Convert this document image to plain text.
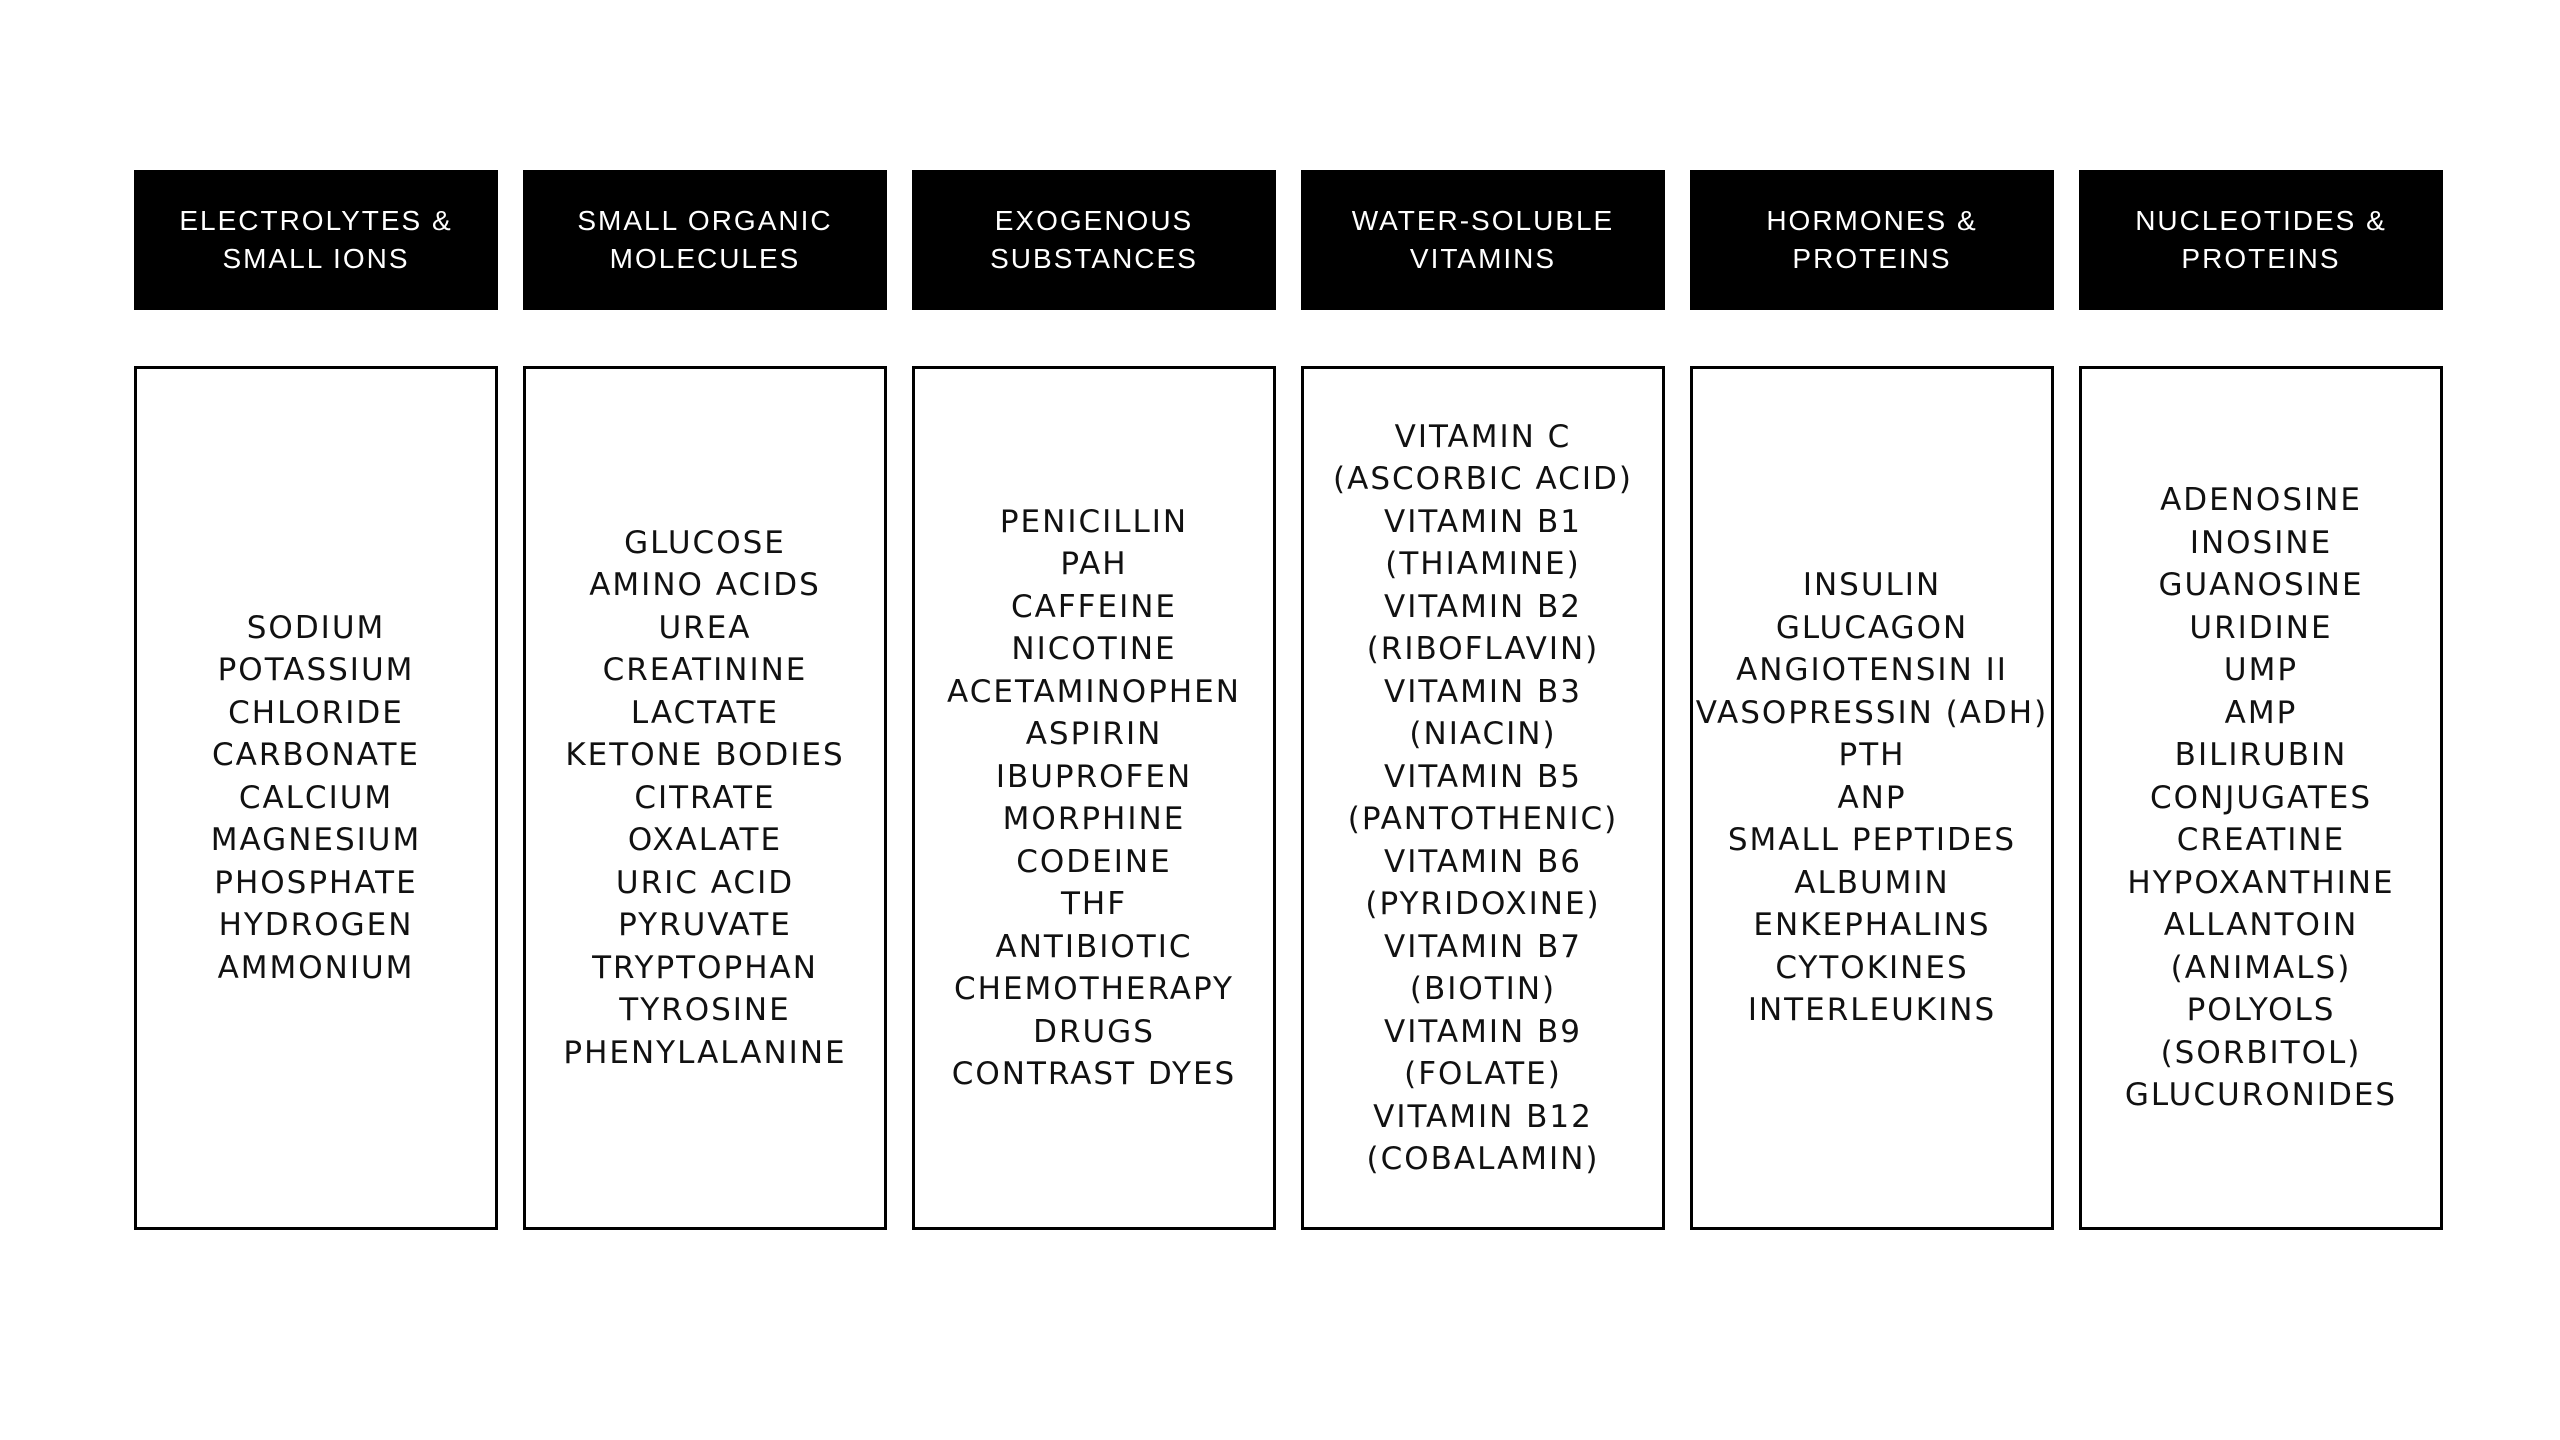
ELECTROLYTES &
SMALL IONS
SODIUM
POTASSIUM
CHLORIDE
CARBONATE
CALCIUM
MAGNESIUM
PHOSPHATE
HYDROGEN
AMMONIUM
SMALL ORGANIC
MOLECULES
GLUCOSE
AMINO ACIDS
UREA
CREATININE
LACTATE
KETONE BODIES
CITRATE
OXALATE
URIC ACID
PYRUVATE
TRYPTOPHAN
TYROSINE
PHENYLALANINE
EXOGENOUS
SUBSTANCES
PENICILLIN
PAH
CAFFEINE
NICOTINE
ACETAMINOPHEN
ASPIRIN
IBUPROFEN
MORPHINE
CODEINE
THF
ANTIBIOTIC
CHEMOTHERAPY
DRUGS
CONTRAST DYES
WATER-SOLUBLE
VITAMINS
VITAMIN C
(ASCORBIC ACID)
VITAMIN B1
(THIAMINE)
VITAMIN B2
(RIBOFLAVIN)
VITAMIN B3
(NIACIN)
VITAMIN B5
(PANTOTHENIC)
VITAMIN B6
(PYRIDOXINE)
VITAMIN B7
(BIOTIN)
VITAMIN B9
(FOLATE)
VITAMIN B12
(COBALAMIN)
HORMONES &
PROTEINS
INSULIN
GLUCAGON
ANGIOTENSIN II
VASOPRESSIN (ADH)
PTH
ANP
SMALL PEPTIDES
ALBUMIN
ENKEPHALINS
CYTOKINES
INTERLEUKINS
NUCLEOTIDES &
PROTEINS
ADENOSINE
INOSINE
GUANOSINE
URIDINE
UMP
AMP
BILIRUBIN
CONJUGATES
CREATINE
HYPOXANTHINE
ALLANTOIN
(ANIMALS)
POLYOLS
(SORBITOL)
GLUCURONIDES
